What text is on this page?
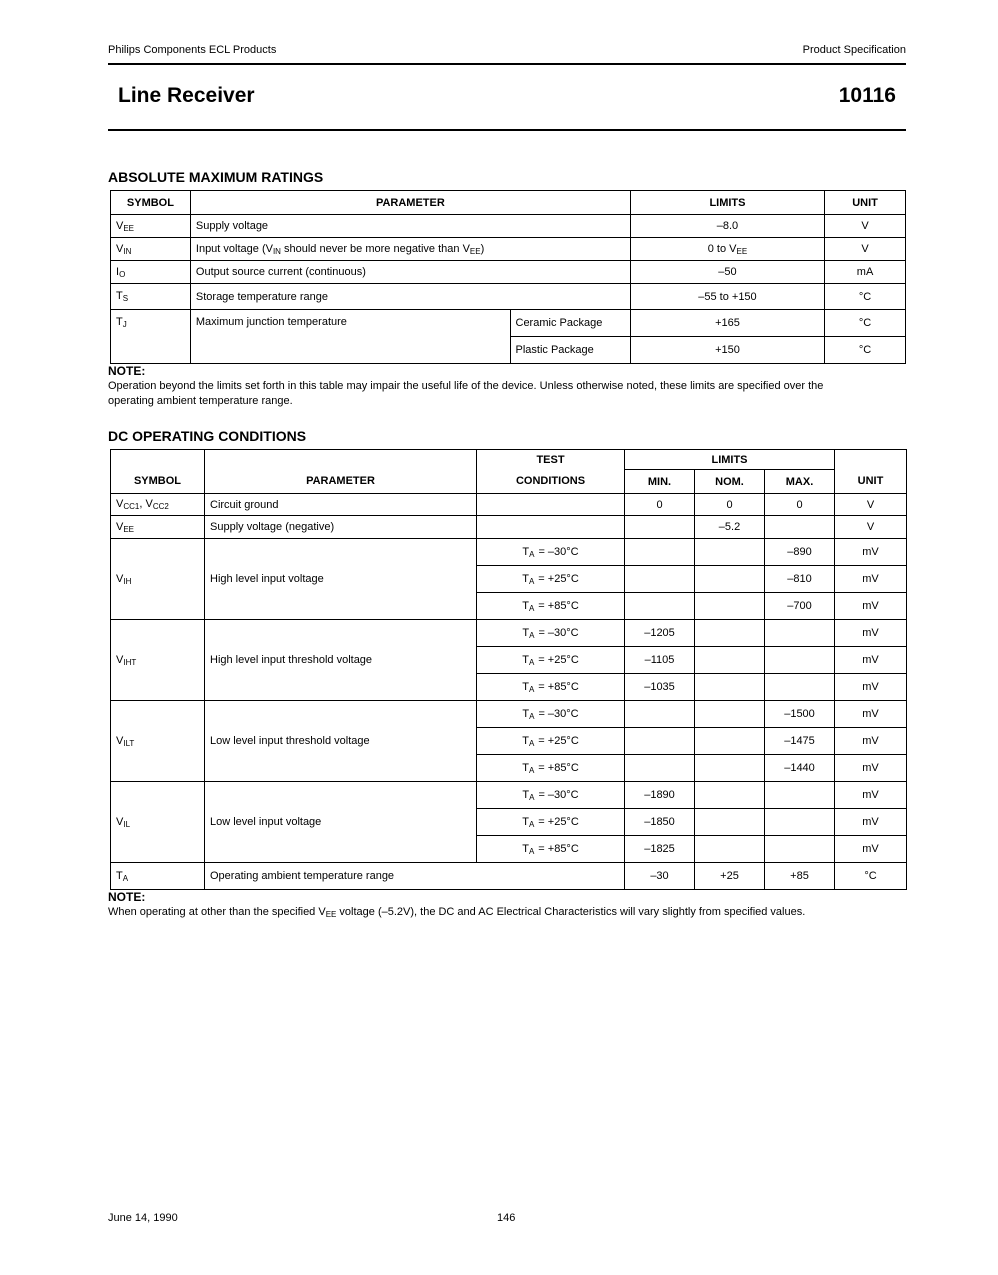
Philips Components ECL Products	Product Specification
Line Receiver	10116
ABSOLUTE MAXIMUM RATINGS
SYMBOL	PARAMETER		LIMITS	UNIT
$V_{EE}$	Supply voltage		–8.0	V
$V_{IN}$	Input voltage ($V_{IN}$ should never be more negative than $V_{EE}$)		0 to $V_{EE}$	V
$I_O$	Output source current (continuous)		–50	mA
$T_S$	Storage temperature range		–55 to +150	°C
$T_J$	Maximum junction temperature	Ceramic Package	+165	°C
		Plastic Package	+150	°C
NOTE:
Operation beyond the limits set forth in this table may impair the useful life of the device. Unless otherwise noted, these limits are specified over the
operating ambient temperature range.
DC OPERATING CONDITIONS
SYMBOL	PARAMETER	TEST	LIMITS			UNIT
		CONDITIONS	MIN.	NOM.	MAX.	
$V_{CC1}$, $V_{CC2}$	Circuit ground		0	0	0	V
$V_{EE}$	Supply voltage (negative)			–5.2		V
$V_{IH}$	High level input voltage	$T_A = -30^\circ C$			–890	mV
		$T_A = +25^\circ C$			–810	mV
		$T_A = +85^\circ C$			–700	mV
$V_{IHT}$	High level input threshold voltage	$T_A = -30^\circ C$	–1205			mV
		$T_A = +25^\circ C$	–1105			mV
		$T_A = +85^\circ C$	–1035			mV
$V_{ILT}$	Low level input threshold voltage	$T_A = -30^\circ C$			–1500	mV
		$T_A = +25^\circ C$			–1475	mV
		$T_A = +85^\circ C$			–1440	mV
$V_{IL}$	Low level input voltage	$T_A = -30^\circ C$	–1890			mV
		$T_A = +25^\circ C$	–1850			mV
		$T_A = +85^\circ C$	–1825			mV
$T_A$	Operating ambient temperature range		–30	+25	+85	°C
NOTE:
When operating at other than the specified $V_{EE}$ voltage (–5.2V), the DC and AC Electrical Characteristics will vary slightly from specified values.
June 14, 1990	146
